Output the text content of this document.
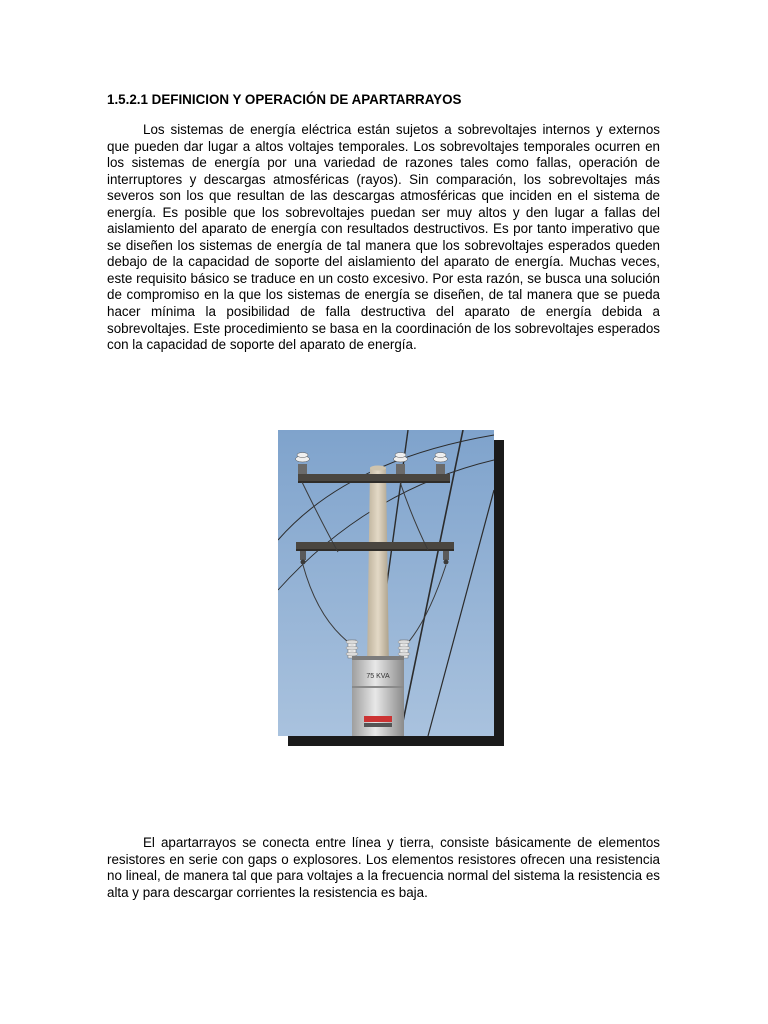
1.5.2.1 DEFINICION Y OPERACIÓN DE APARTARRAYOS

Los sistemas de energía eléctrica están sujetos a sobrevoltajes internos y externos que pueden dar lugar a altos voltajes temporales. Los sobrevoltajes temporales ocurren en los sistemas de energía por una variedad de razones tales como fallas, operación de interruptores y descargas atmosféricas (rayos). Sin comparación, los sobrevoltajes más severos son los que resultan de las descargas atmosféricas que inciden en el sistema de energía. Es posible que los sobrevoltajes puedan ser muy altos y den lugar a fallas del aislamiento del aparato de energía con resultados destructivos. Es por tanto imperativo que se diseñen los sistemas de energía de tal manera que los sobrevoltajes esperados queden debajo de la capacidad de soporte del aislamiento del aparato de energía. Muchas veces, este requisito básico se traduce en un costo excesivo. Por esta razón, se busca una solución de compromiso en la que los sistemas de energía se diseñen, de tal manera que se pueda hacer mínima la posibilidad de falla destructiva del aparato de energía debida a sobrevoltajes. Este procedimiento se basa en la coordinación de los sobrevoltajes esperados con la capacidad de soporte del aparato de energía.

75 KVA

El apartarrayos se conecta entre línea y tierra, consiste básicamente de elementos resistores en serie con gaps o explosores. Los elementos resistores ofrecen una resistencia no lineal, de manera tal que para voltajes a la frecuencia normal del sistema la resistencia es alta y para descargar corrientes la resistencia es baja.
